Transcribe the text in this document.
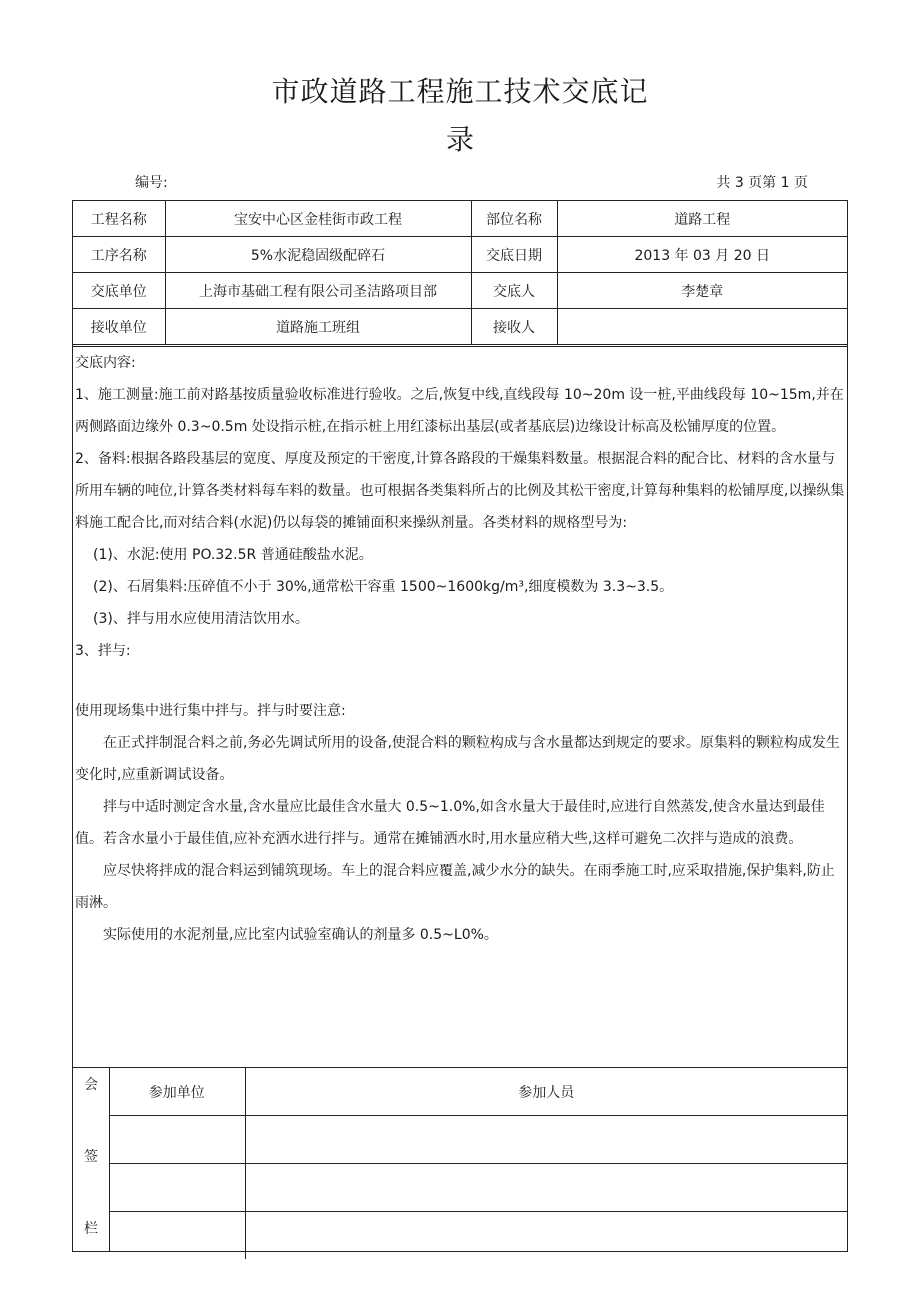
市政道路工程施工技术交底记
录
编号:	共 3 页第 1 页
工程名称	宝安中心区金桂街市政工程	部位名称	道路工程
工序名称	5%水泥稳固级配碎石	交底日期	2013 年 03 月 20 日
交底单位	上海市基础工程有限公司圣洁路项目部	交底人	李楚章
接收单位	道路施工班组	接收人	

交底内容:

1、施工测量:施工前对路基按质量验收标准进行验收。之后,恢复中线,直线段每 10~20m 设一桩,平曲线段每 10~15m,并在两侧路面边缘外 0.3~0.5m 处设指示桩,在指示桩上用红漆标出基层(或者基底层)边缘设计标高及松铺厚度的位置。

2、备料:根据各路段基层的宽度、厚度及预定的干密度,计算各路段的干燥集料数量。根据混合料的配合比、材料的含水量与所用车辆的吨位,计算各类材料每车料的数量。也可根据各类集料所占的比例及其松干密度,计算每种集料的松铺厚度,以操纵集料施工配合比,而对结合料(水泥)仍以每袋的摊铺面积来操纵剂量。各类材料的规格型号为:

(1)、水泥:使用 PO.32.5R 普通硅酸盐水泥。

(2)、石屑集料:压碎值不小于 30%,通常松干容重 1500~1600kg/m³,细度模数为 3.3~3.5。

(3)、拌与用水应使用清洁饮用水。

3、拌与:

使用现场集中进行集中拌与。拌与时要注意:

在正式拌制混合料之前,务必先调试所用的设备,使混合料的颗粒构成与含水量都达到规定的要求。原集料的颗粒构成发生变化时,应重新调试设备。

拌与中适时测定含水量,含水量应比最佳含水量大 0.5~1.0%,如含水量大于最佳时,应进行自然蒸发,使含水量达到最佳值。若含水量小于最佳值,应补充洒水进行拌与。通常在摊铺洒水时,用水量应稍大些,这样可避免二次拌与造成的浪费。

应尽快将拌成的混合料运到铺筑现场。车上的混合料应覆盖,减少水分的缺失。在雨季施工时,应采取措施,保护集料,防止雨淋。

实际使用的水泥剂量,应比室内试验室确认的剂量多 0.5~L0%。

会
签
栏
参加单位	参加人员
